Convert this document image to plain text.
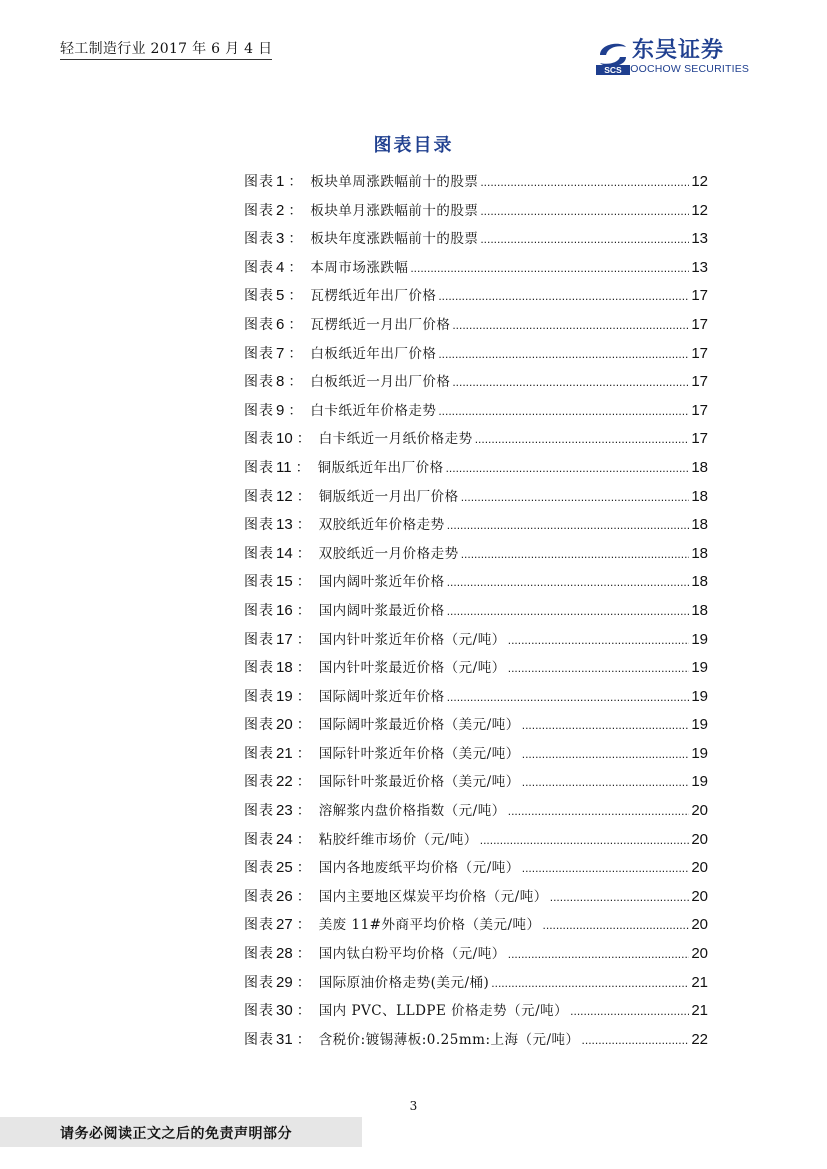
轻工制造行业 2017 年 6 月 4 日
SCS
东吴证券
SOOCHOW SECURITIES
图表目录
图表 1 ： 板块单周涨跌幅前十的股票 .....	12
图表 2 ： 板块单月涨跌幅前十的股票 .....	12
图表 3 ： 板块年度涨跌幅前十的股票 .....	13
图表 4 ： 本周市场涨跌幅 .....	13
图表 5 ： 瓦楞纸近年出厂价格 .....	17
图表 6 ： 瓦楞纸近一月出厂价格 .....	17
图表 7 ： 白板纸近年出厂价格 .....	17
图表 8 ： 白板纸近一月出厂价格 .....	17
图表 9 ： 白卡纸近年价格走势 .....	17
图表 10 ： 白卡纸近一月纸价格走势 .....	17
图表 11 ： 铜版纸近年出厂价格 .....	18
图表 12 ： 铜版纸近一月出厂价格 .....	18
图表 13 ： 双胶纸近年价格走势 .....	18
图表 14 ： 双胶纸近一月价格走势 .....	18
图表 15 ： 国内阔叶浆近年价格 .....	18
图表 16 ： 国内阔叶浆最近价格 .....	18
图表 17 ： 国内针叶浆近年价格（元/吨） .....	19
图表 18 ： 国内针叶浆最近价格（元/吨） .....	19
图表 19 ： 国际阔叶浆近年价格 .....	19
图表 20 ： 国际阔叶浆最近价格（美元/吨） .....	19
图表 21 ： 国际针叶浆近年价格（美元/吨） .....	19
图表 22 ： 国际针叶浆最近价格（美元/吨） .....	19
图表 23 ： 溶解浆内盘价格指数（元/吨） .....	20
图表 24 ： 粘胶纤维市场价（元/吨） .....	20
图表 25 ： 国内各地废纸平均价格（元/吨） .....	20
图表 26 ： 国内主要地区煤炭平均价格（元/吨） .....	20
图表 27 ： 美废 11#外商平均价格（美元/吨） .....	20
图表 28 ： 国内钛白粉平均价格（元/吨） .....	20
图表 29 ： 国际原油价格走势(美元/桶) .....	21
图表 30 ： 国内 PVC、LLDPE 价格走势（元/吨） .....	21
图表 31 ： 含税价:镀锡薄板:0.25mm:上海（元/吨） .....	22
3
请务必阅读正文之后的免责声明部分
